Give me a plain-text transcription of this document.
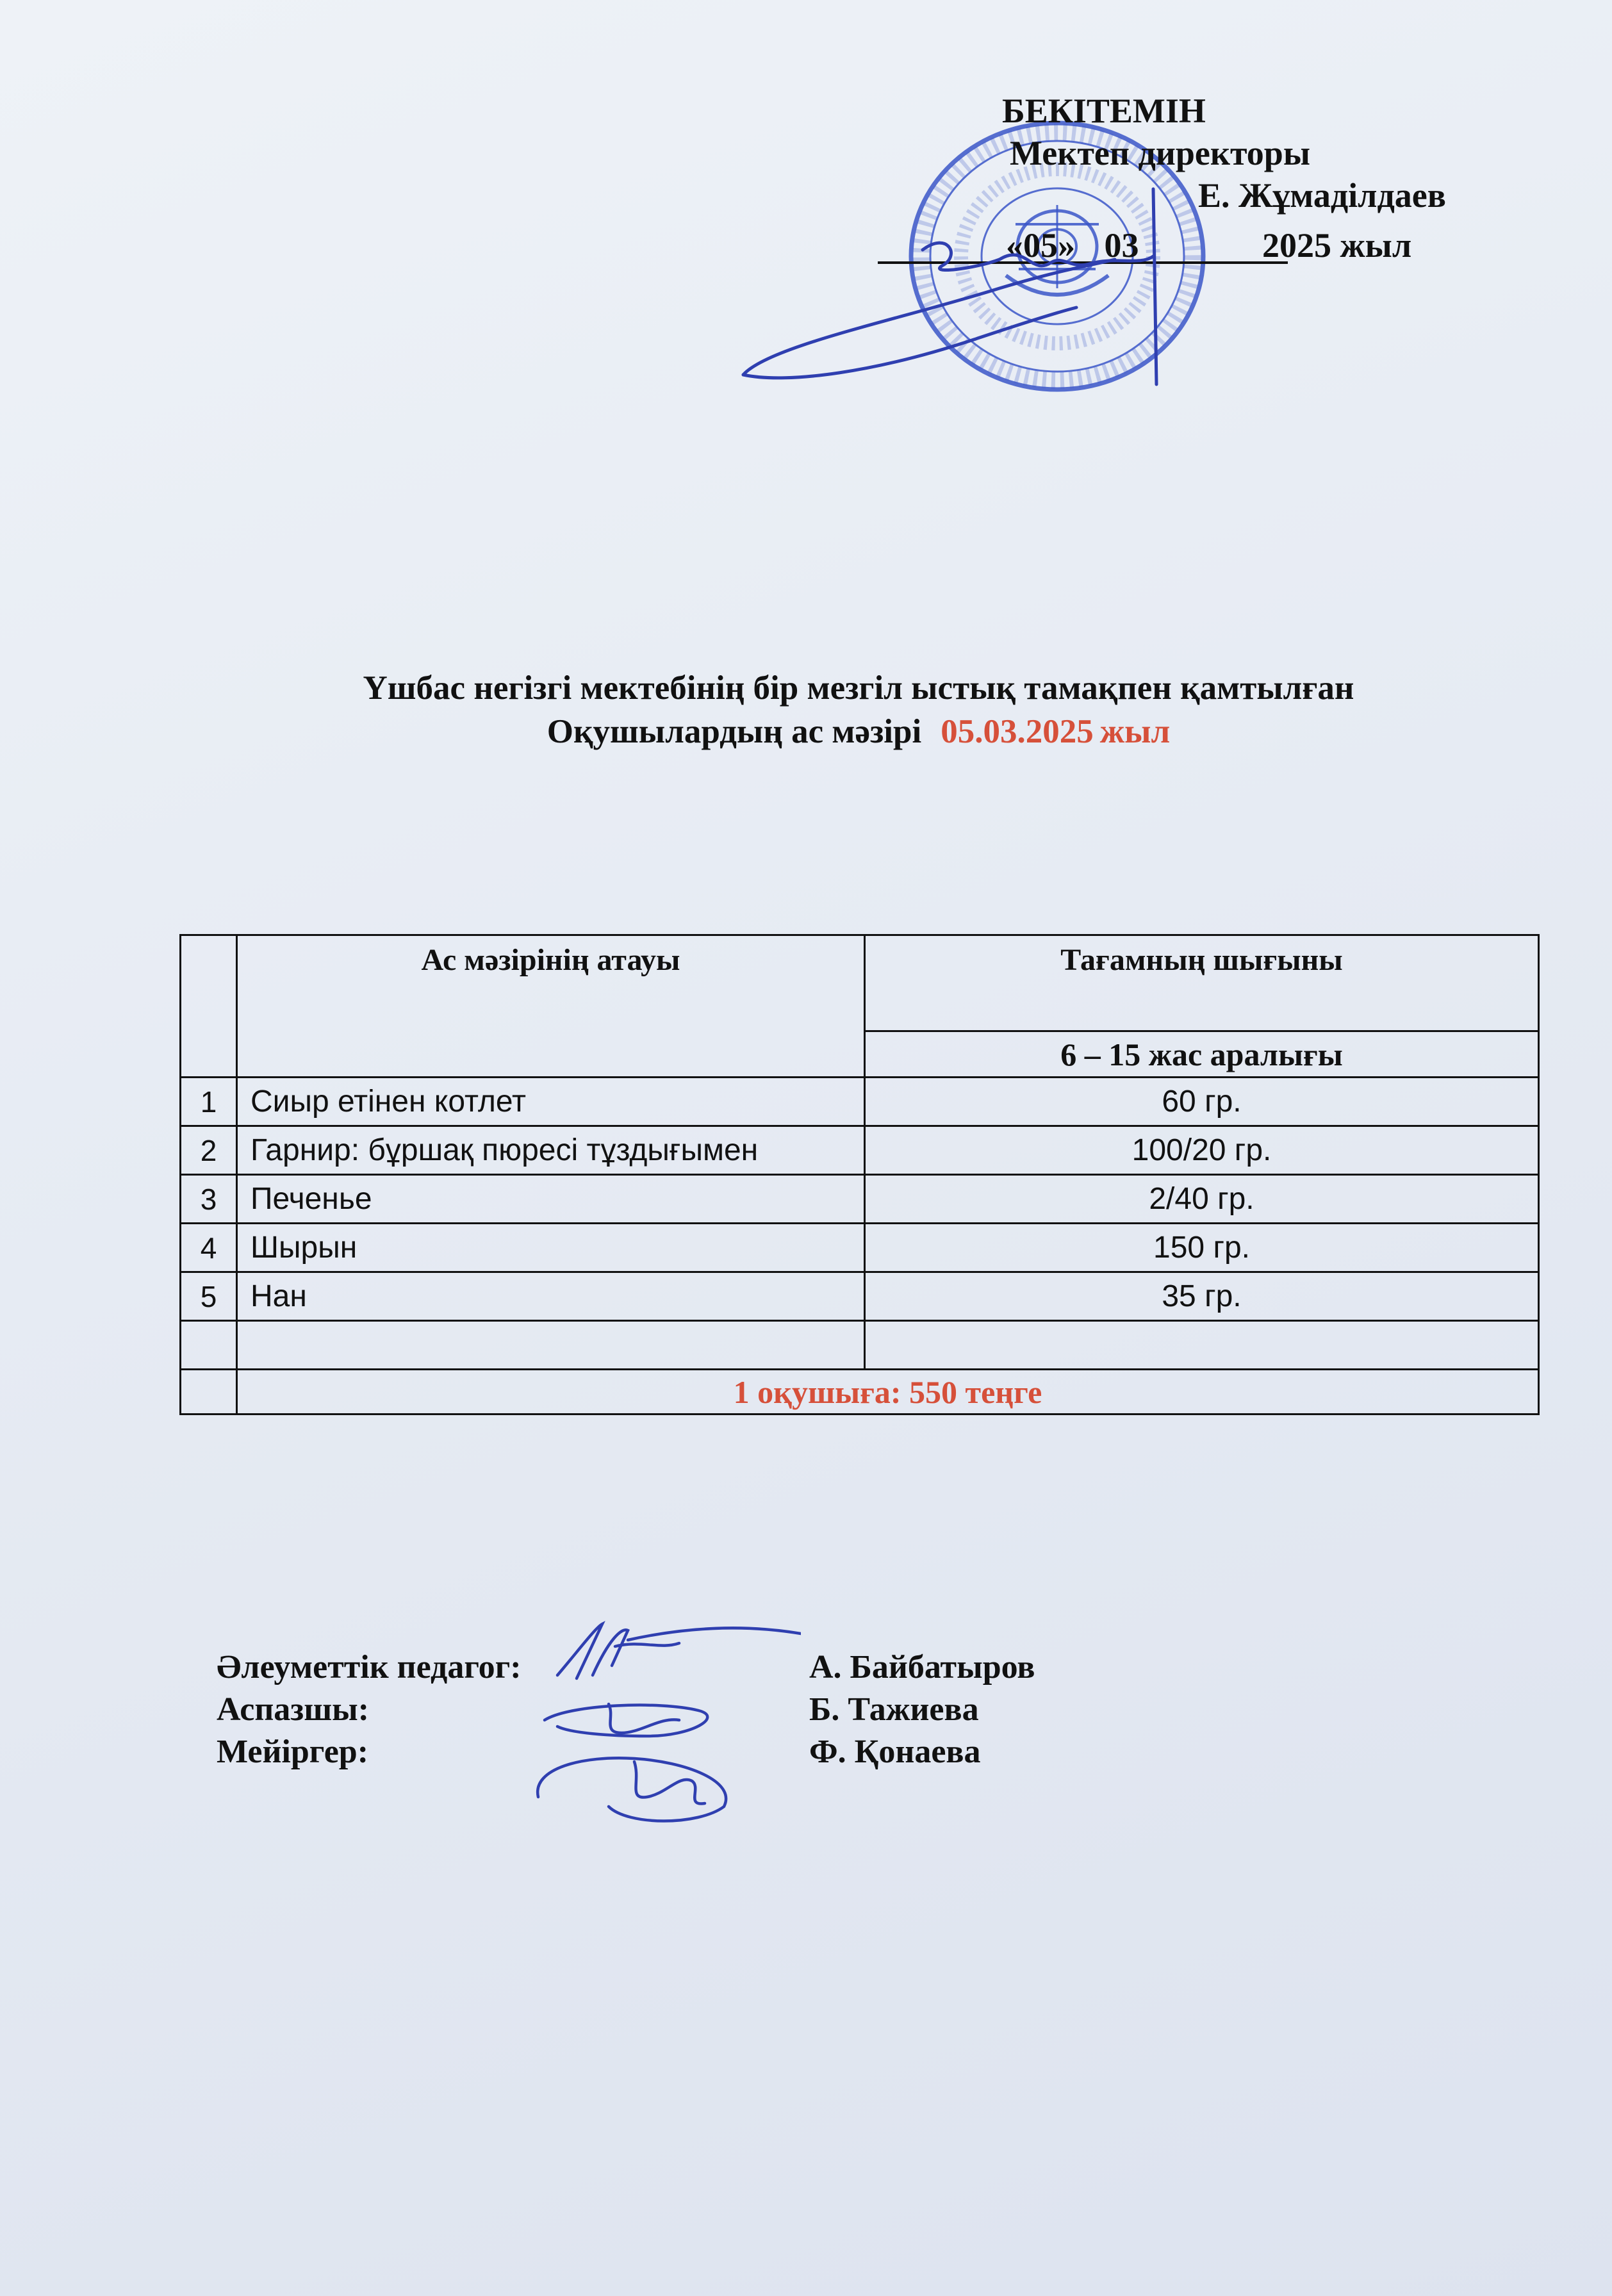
БЕКІТЕМІН
Мектеп директоры
Е. Жұмаділдаев
«05» 03	2025 жыл
Үшбас негізгі мектебінің бір мезгіл ыстық тамақпен қамтылған
Оқушылардың ас мәзірі 05.03.2025 жыл
	Ас мәзірінің атауы	Тағамның шығыны
		6 – 15 жас аралығы
1	Сиыр етінен котлет	60 гр.
2	Гарнир: бұршақ пюресі тұздығымен	100/20 гр.
3	Печенье	2/40 гр.
4	Шырын	150 гр.
5	Нан	35 гр.

	1 оқушыға: 550 теңге	
Әлеуметтік педагог:	А. Байбатыров
Аспазшы:	Б. Тажиева
Мейіргер:	Ф. Қонаева
